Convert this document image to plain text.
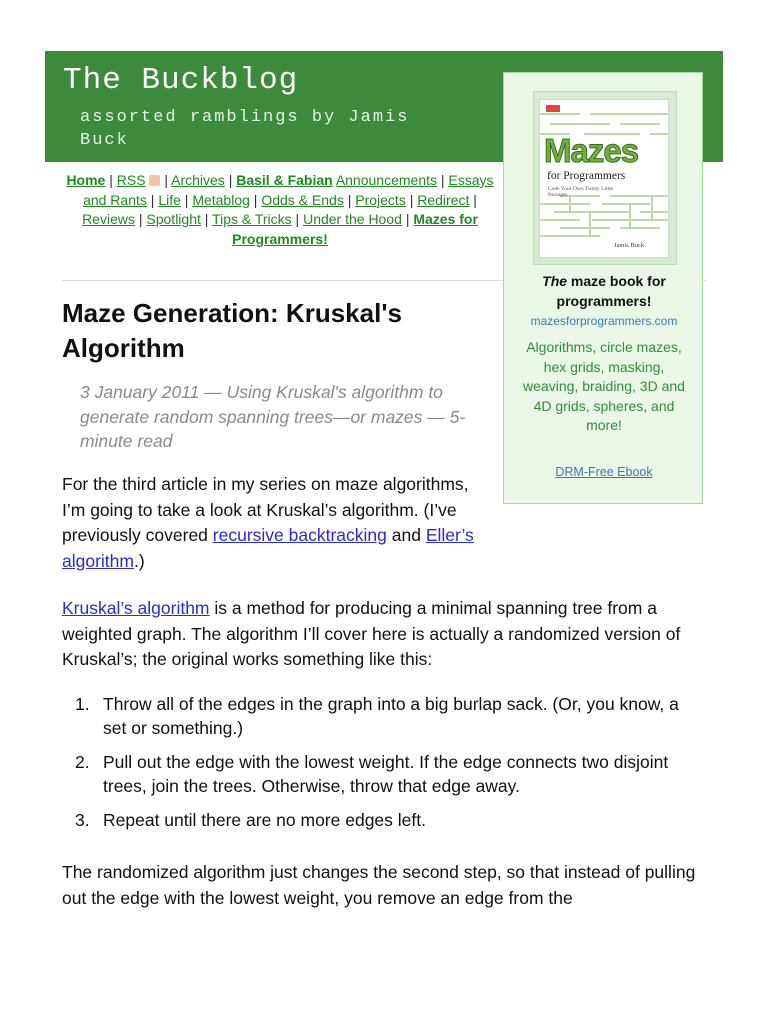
The Buckblog
assorted ramblings by Jamis Buck
Home | RSS | Archives | Basil & Fabian Announcements | Essays and Rants | Life | Metablog | Odds & Ends | Projects | Redirect | Reviews | Spotlight | Tips & Tricks | Under the Hood | Mazes for Programmers!
Mazes
for Programmers
Code Your Own Twisty Little Passages
Jamis Buck
The maze book for programmers!
mazesforprogrammers.com
Algorithms, circle mazes, hex grids, masking, weaving, braiding, 3D and 4D grids, spheres, and more!
DRM-Free Ebook
Maze Generation: Kruskal's Algorithm
3 January 2011 — Using Kruskal's algorithm to generate random spanning trees—or mazes — 5-minute read

For the third article in my series on maze algorithms, I’m going to take a look at Kruskal’s algorithm. (I’ve previously covered recursive backtracking and Eller’s algorithm.)

Kruskal’s algorithm is a method for producing a minimal spanning tree from a weighted graph. The algorithm I’ll cover here is actually a randomized version of Kruskal’s; the original works something like this:

1. Throw all of the edges in the graph into a big burlap sack. (Or, you know, a set or something.)
2. Pull out the edge with the lowest weight. If the edge connects two disjoint trees, join the trees. Otherwise, throw that edge away.
3. Repeat until there are no more edges left.

The randomized algorithm just changes the second step, so that instead of pulling out the edge with the lowest weight, you remove an edge from the
